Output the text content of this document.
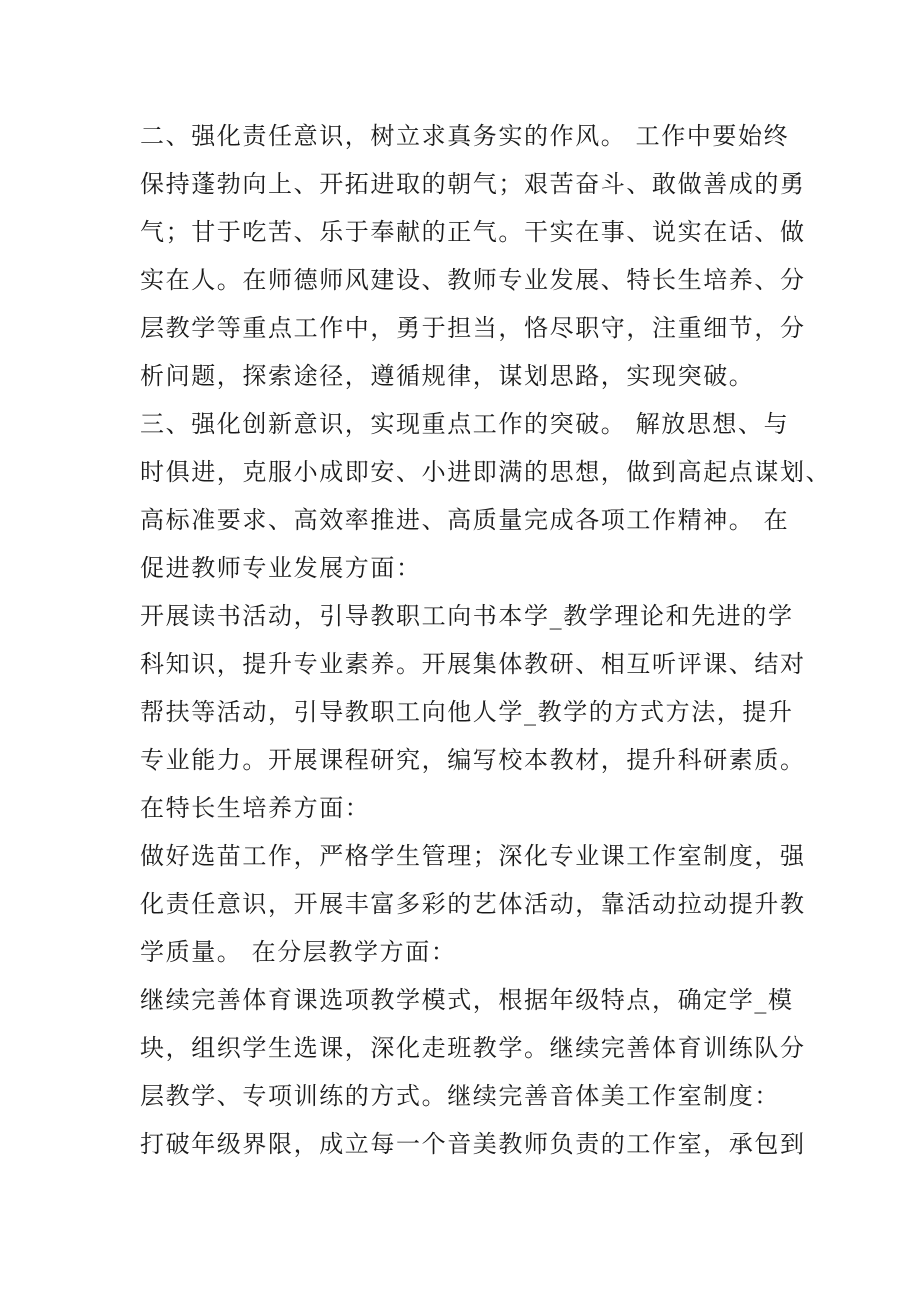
二、强化责任意识，树立求真务实的作风。 工作中要始终
保持蓬勃向上、开拓进取的朝气；艰苦奋斗、敢做善成的勇
气；甘于吃苦、乐于奉献的正气。干实在事、说实在话、做
实在人。在师德师风建设、教师专业发展、特长生培养、分
层教学等重点工作中，勇于担当，恪尽职守，注重细节，分
析问题，探索途径，遵循规律，谋划思路，实现突破。
三、强化创新意识，实现重点工作的突破。 解放思想、与
时俱进，克服小成即安、小进即满的思想，做到高起点谋划、
高标准要求、高效率推进、高质量完成各项工作精神。 在
促进教师专业发展方面：
开展读书活动，引导教职工向书本学_教学理论和先进的学
科知识，提升专业素养。开展集体教研、相互听评课、结对
帮扶等活动，引导教职工向他人学_教学的方式方法，提升
专业能力。开展课程研究，编写校本教材，提升科研素质。
在特长生培养方面：
做好选苗工作，严格学生管理；深化专业课工作室制度，强
化责任意识，开展丰富多彩的艺体活动，靠活动拉动提升教
学质量。 在分层教学方面：
继续完善体育课选项教学模式，根据年级特点，确定学_模
块，组织学生选课，深化走班教学。继续完善体育训练队分
层教学、专项训练的方式。继续完善音体美工作室制度：
打破年级界限，成立每一个音美教师负责的工作室，承包到
